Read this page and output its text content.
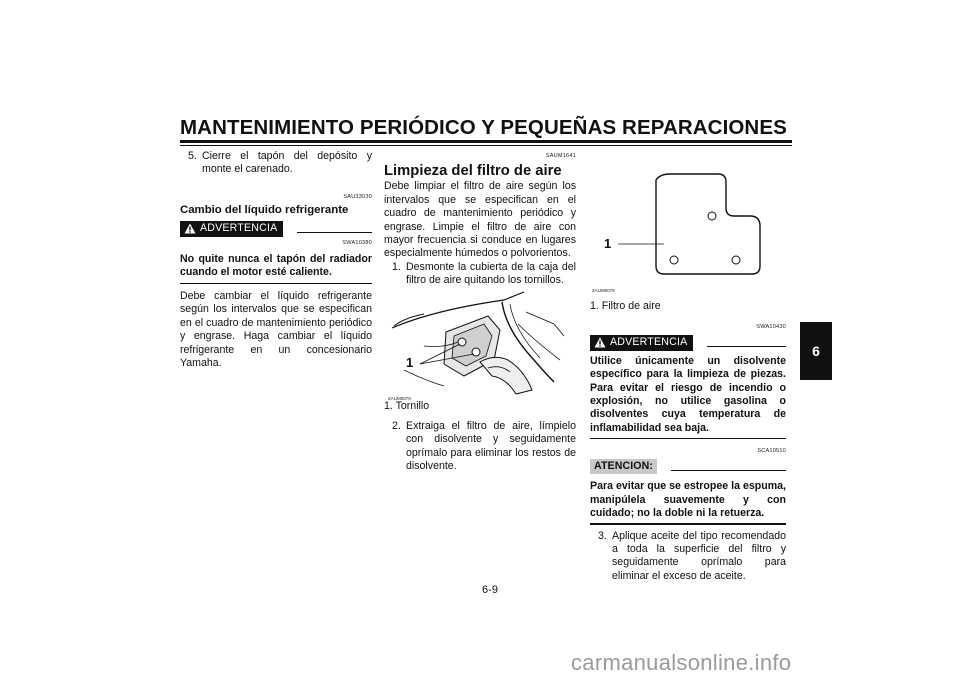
MANTENIMIENTO PERIÓDICO Y PEQUEÑAS REPARACIONES
5. Cierre el tapón del depósito y monte el carenado.
SAU33030
Cambio del líquido refrigerante
ADVERTENCIA
SWA10380
No quite nunca el tapón del radiador cuando el motor esté caliente.
Debe cambiar el líquido refrigerante según los intervalos que se especifican en el cuadro de mantenimiento periódico y engrase. Haga cambiar el líquido refrigerante en un concesionario Yamaha.
SAUM1641
Limpieza del filtro de aire
Debe limpiar el filtro de aire según los intervalos que se especifican en el cuadro de mantenimiento periódico y engrase. Limpie el filtro de aire con mayor frecuencia si conduce en lugares especialmente húmedos o polvorientos.
1. Desmonte la cubierta de la caja del filtro de aire quitando los tornillos.
1
ZAUM0079
1. Tornillo
2. Extraiga el filtro de aire, límpielo con disolvente y seguidamente oprímalo para eliminar los restos de disolvente.
1
ZAUM0078
1. Filtro de aire
SWA10430
ADVERTENCIA
Utilice únicamente un disolvente específico para la limpieza de piezas. Para evitar el riesgo de incendio o explosión, no utilice gasolina o disolventes cuya temperatura de inflamabilidad sea baja.
SCA10510
ATENCION:
Para evitar que se estropee la espuma, manipúlela suavemente y con cuidado; no la doble ni la retuerza.
3. Aplique aceite del tipo recomendado a toda la superficie del filtro y seguidamente oprímalo para eliminar el exceso de aceite.
6
6-9
carmanualsonline.info
